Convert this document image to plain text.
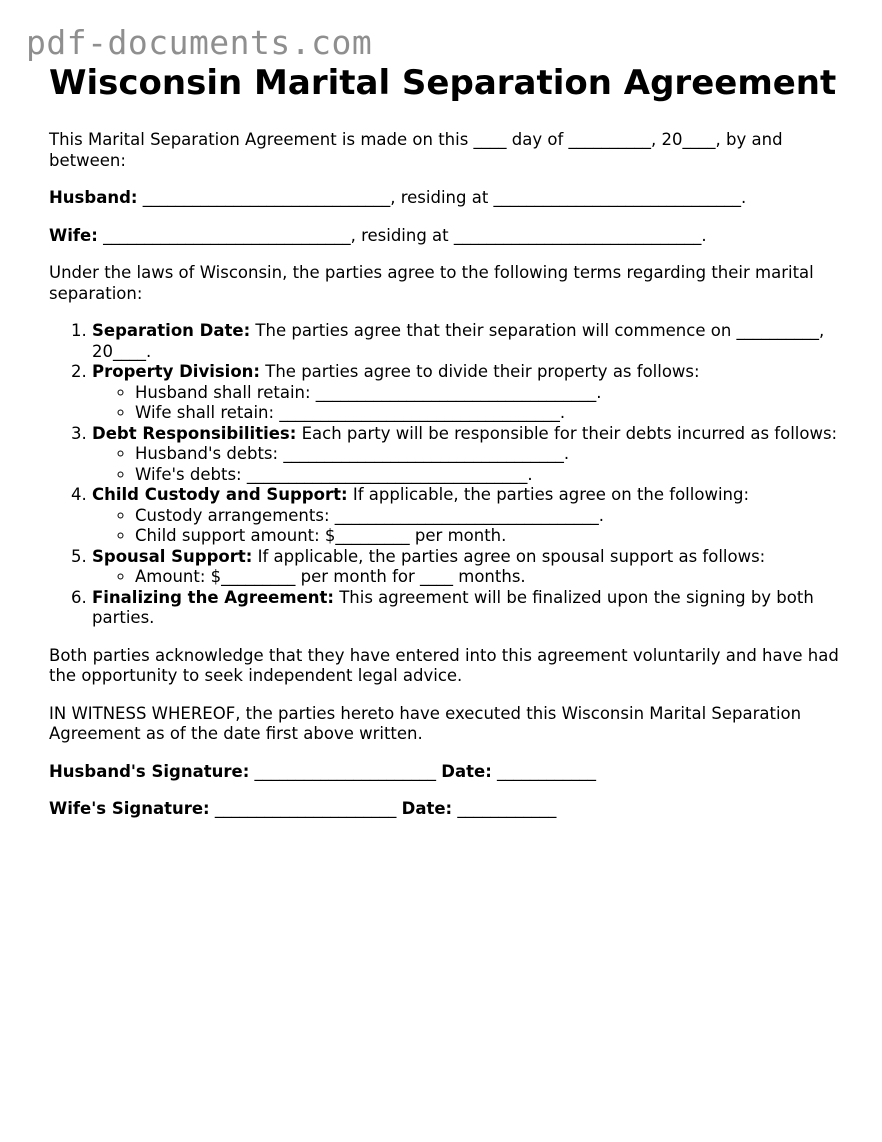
pdf-documents.com
Wisconsin Marital Separation Agreement

This Marital Separation Agreement is made on this ____ day of __________, 20____, by and between:

Husband: ______________________________, residing at ______________________________.

Wife: ______________________________, residing at ______________________________.

Under the laws of Wisconsin, the parties agree to the following terms regarding their marital separation:

1. Separation Date: The parties agree that their separation will commence on __________, 20____.
2. Property Division: The parties agree to divide their property as follows:
◦ Husband shall retain: __________________________________.
◦ Wife shall retain: __________________________________.
3. Debt Responsibilities: Each party will be responsible for their debts incurred as follows:
◦ Husband's debts: __________________________________.
◦ Wife's debts: __________________________________.
4. Child Custody and Support: If applicable, the parties agree on the following:
◦ Custody arrangements: ________________________________.
◦ Child support amount: $_________ per month.
5. Spousal Support: If applicable, the parties agree on spousal support as follows:
◦ Amount: $_________ per month for ____ months.
6. Finalizing the Agreement: This agreement will be finalized upon the signing by both parties.

Both parties acknowledge that they have entered into this agreement voluntarily and have had the opportunity to seek independent legal advice.

IN WITNESS WHEREOF, the parties hereto have executed this Wisconsin Marital Separation Agreement as of the date first above written.

Husband's Signature: ______________________ Date: ____________

Wife's Signature: ______________________ Date: ____________
